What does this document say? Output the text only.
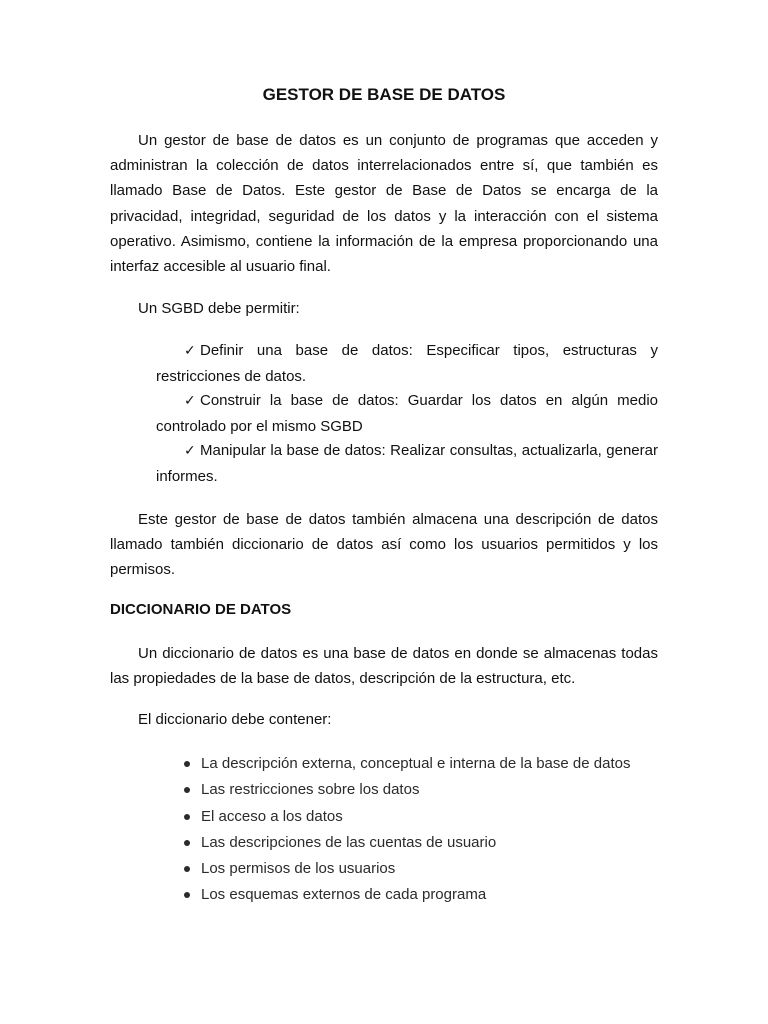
GESTOR DE BASE DE DATOS

Un gestor de base de datos es un conjunto de programas que acceden y administran la colección de datos interrelacionados entre sí, que también es llamado Base de Datos. Este gestor de Base de Datos se encarga de la privacidad, integridad, seguridad de los datos y la interacción con el sistema operativo. Asimismo, contiene la información de la empresa proporcionando una interfaz accesible al usuario final.

Un SGBD debe permitir:

✓ Definir una base de datos: Especificar tipos, estructuras y restricciones de datos.

✓ Construir la base de datos: Guardar los datos en algún medio controlado por el mismo SGBD

✓ Manipular la base de datos: Realizar consultas, actualizarla, generar informes.

Este gestor de base de datos también almacena una descripción de datos llamado también diccionario de datos así como los usuarios permitidos y los permisos.

DICCIONARIO DE DATOS

Un diccionario de datos es una base de datos en donde se almacenas todas las propiedades de la base de datos, descripción de la estructura, etc.

El diccionario debe contener:

La descripción externa, conceptual e interna de la base de datos
Las restricciones sobre los datos
El acceso a los datos
Las descripciones de las cuentas de usuario
Los permisos de los usuarios
Los esquemas externos de cada programa
